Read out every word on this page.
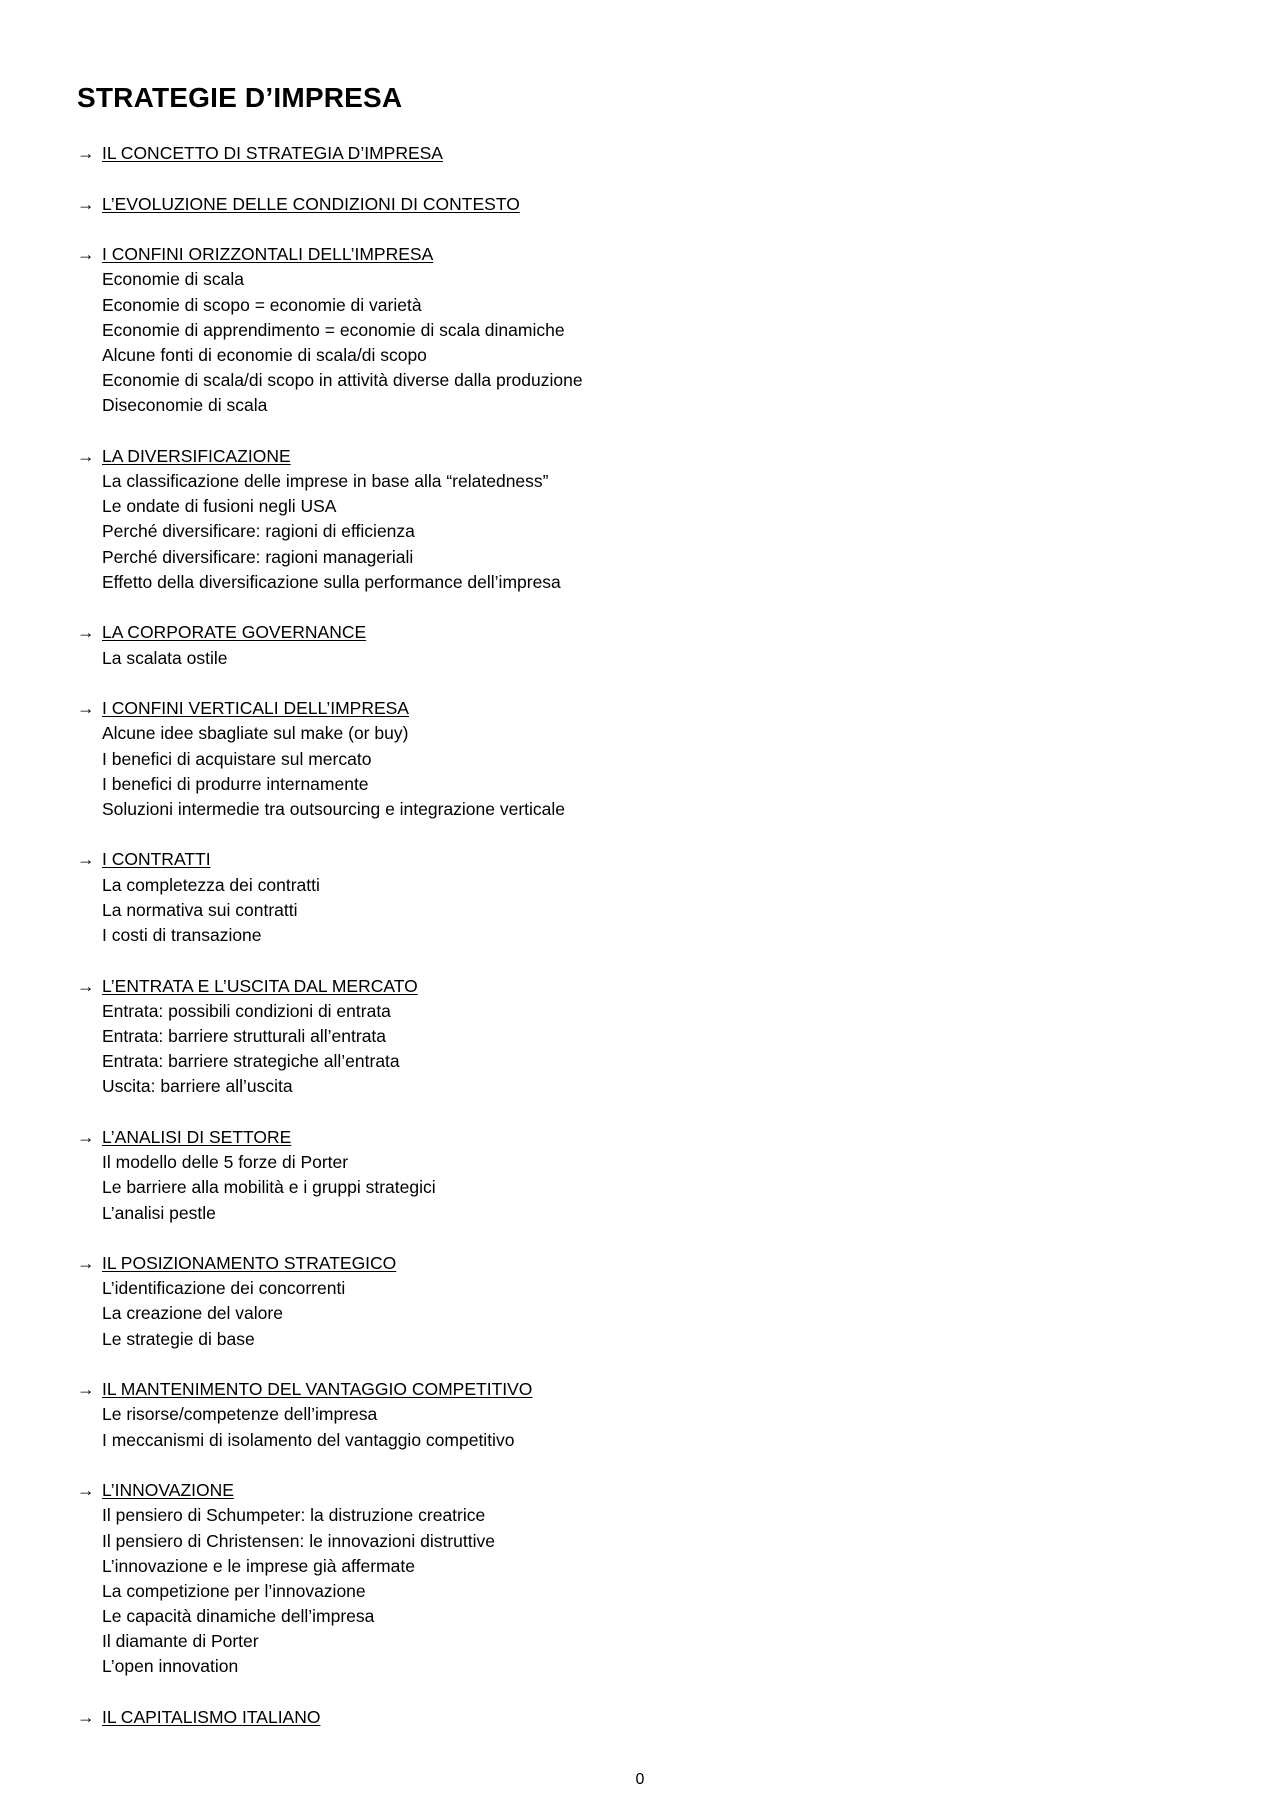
STRATEGIE D’IMPRESA
→ IL CONCETTO DI STRATEGIA D’IMPRESA
→ L’EVOLUZIONE DELLE CONDIZIONI DI CONTESTO
→ I CONFINI ORIZZONTALI DELL’IMPRESA
Economie di scala
Economie di scopo = economie di varietà
Economie di apprendimento = economie di scala dinamiche
Alcune fonti di economie di scala/di scopo
Economie di scala/di scopo in attività diverse dalla produzione
Diseconomie di scala
→ LA DIVERSIFICAZIONE
La classificazione delle imprese in base alla “relatedness”
Le ondate di fusioni negli USA
Perché diversificare: ragioni di efficienza
Perché diversificare: ragioni manageriali
Effetto della diversificazione sulla performance dell’impresa
→ LA CORPORATE GOVERNANCE
La scalata ostile
→ I CONFINI VERTICALI DELL’IMPRESA
Alcune idee sbagliate sul make (or buy)
I benefici di acquistare sul mercato
I benefici di produrre internamente
Soluzioni intermedie tra outsourcing e integrazione verticale
→ I CONTRATTI
La completezza dei contratti
La normativa sui contratti
I costi di transazione
→ L’ENTRATA E L’USCITA DAL MERCATO
Entrata: possibili condizioni di entrata
Entrata: barriere strutturali all’entrata
Entrata: barriere strategiche all’entrata
Uscita: barriere all’uscita
→ L’ANALISI DI SETTORE
Il modello delle 5 forze di Porter
Le barriere alla mobilità e i gruppi strategici
L’analisi pestle
→ IL POSIZIONAMENTO STRATEGICO
L’identificazione dei concorrenti
La creazione del valore
Le strategie di base
→ IL MANTENIMENTO DEL VANTAGGIO COMPETITIVO
Le risorse/competenze dell’impresa
I meccanismi di isolamento del vantaggio competitivo
→ L’INNOVAZIONE
Il pensiero di Schumpeter: la distruzione creatrice
Il pensiero di Christensen: le innovazioni distruttive
L’innovazione e le imprese già affermate
La competizione per l’innovazione
Le capacità dinamiche dell’impresa
Il diamante di Porter
L’open innovation
→ IL CAPITALISMO ITALIANO
0
